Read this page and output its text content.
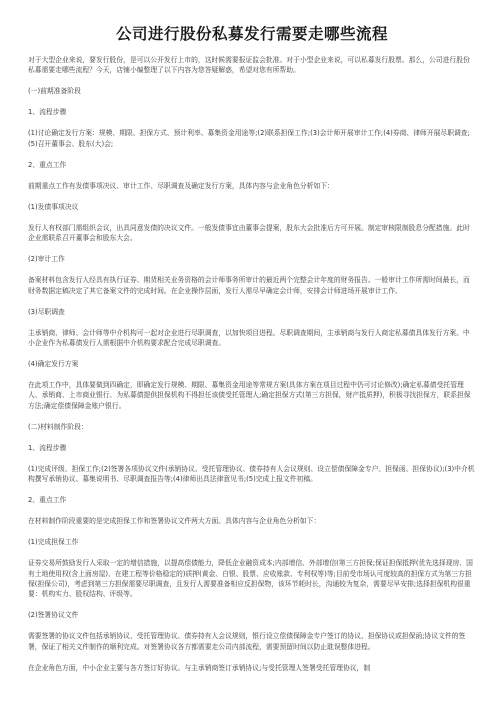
公司进行股份私募发行需要走哪些流程

对于大型企业来说，要发行股份，是可以公开发行上市的，这时候需要报证监会批准。对于小型企业来说，可以私募发行股票。那么，公司进行股份私募需要走哪些流程？今天，店铺小编整理了以下内容为您答疑解惑，希望对您有所帮助。

(一)前期准备阶段

1、流程步骤

(1)讨论确定发行方案：规模、期限、担保方式、预计利率、募集资金用途等;(2)联系担保工作;(3)会计师开展审计工作;(4)券商、律师开展尽职调查;(5)召开董事会、股东(大)会;

2、重点工作

前期重点工作有发债事项决议、审计工作、尽职调查及确定发行方案，具体内容与企业角色分析如下：

(1)发债事项决议

发行人有权部门需组织会议，出具同意发债的决议文件。一般发债事宜由董事会提案，股东大会批准后方可开展。制定审核限制股息分配措施。此时企业需联系召开董事会和股东大会。

(2)审计工作

备案材料包含发行人经具有执行证券、期货相关业务资格的会计师事务所审计的最近两个完整会计年度的财务报告。一般审计工作所需时间最长，而财务数据定稿决定了其它备案文件的完成时间。在企业操作层面，发行人需尽早确定会计师，安排会计师进场开展审计工作。

(3)尽职调查

主承销商、律师、会计师等中介机构可一起对企业进行尽职调查，以加快项目进程。尽职调查期间，主承销商与发行人商定私募债具体发行方案。中小企业作为私募债发行人需根据中介机构要求配合完成尽职调查。

(4)确定发行方案

在此项工作中，具体要做到四确定，即确定发行规模、期限、募集资金用途等常规方案(具体方案在项目过程中仍可讨论修改);确定私募债受托管理人、承销商、上市商业银行、为私募债提供担保机构不得担任该债受托管理人;确定担保方式(第三方担保，财产抵质押)，积极寻找担保方，联系担保方法;确定偿债保障金账户银行。

(二)材料制作阶段：

1、流程步骤

(1)完成评级、担保工作;(2)签署各项协议文件(承销协议、受托管理协议、债券持有人会议规则、设立偿债保障金专户、担保函、担保协议);(3)中介机构撰写承销协议、募集说明书、尽职调查报告等;(4)律师出具法律意见书;(5)完成上报文件初稿。

2、重点工作

在材料制作阶段重要的是完成担保工作和签署协议文件两大方面。具体内容与企业角色分析如下：

(1)完成担保工作

证券交易所鼓励发行人采取一定的增信措施，以提高偿债能力，降低企业融资成本;内部增信、外部增信(第三方担保;保证担保抵押(优先选择现房、国有土地使用权(含上面房屋)、在建工程等价格稳定的)质押(黄金、白银、股票、应收账款、专利权等)等;目前受市场认可度较高的担保方式为第三方担保(担保公司)，考虑到第三方担保需要尽职调查，且发行人需要准备相应反担保物，该环节耗时长，沟通较为复杂，需要尽早安排;选择担保机构很重要：机构实力、股权结构、评级等。

(2)签署协议文件

需要签署的协议文件包括承销协议、受托管理协议、债券持有人会议规则，银行设立偿债保障金专户签订的协议、担保协议或担保函;协议文件的签署，保证了相关文件制作的顺利完成。对签署协议各方都需要走公司内部流程，需要预留时间以防止耽误整体进程。

在企业角色方面，中小企业主要与各方签订好协议。与主承销商签订承销协议;与受托管理人签署受托管理协议，制
